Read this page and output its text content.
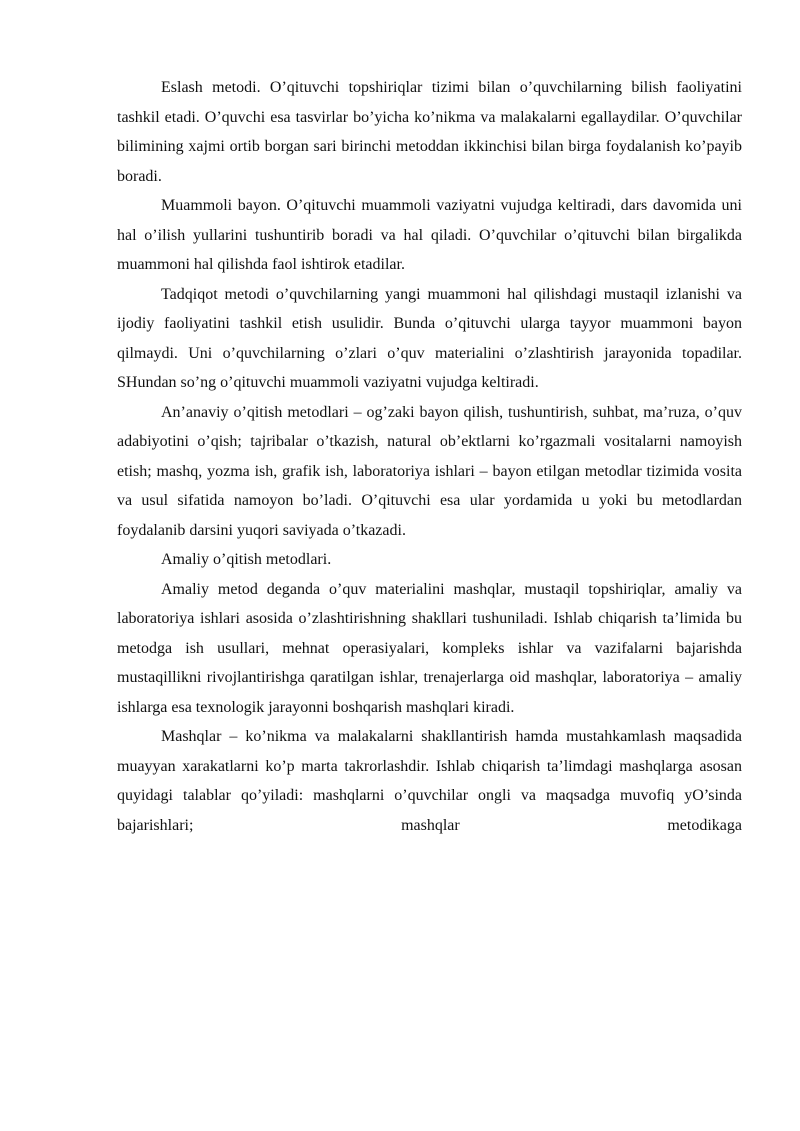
Eslash metodi. O’qituvchi topshiriqlar tizimi bilan o’quvchilarning bilish faoliyatini tashkil etadi. O’quvchi esa tasvirlar bo’yicha ko’nikma va malakalarni egallaydilar. O’quvchilar bilimining xajmi ortib borgan sari birinchi metoddan ikkinchisi bilan birga foydalanish ko’payib boradi.

Muammoli bayon. O’qituvchi muammoli vaziyatni vujudga keltiradi, dars davomida uni hal o’ilish yullarini tushuntirib boradi va hal qiladi. O’quvchilar o’qituvchi bilan birgalikda muammoni hal qilishda faol ishtirok etadilar.

Tadqiqot metodi o’quvchilarning yangi muammoni hal qilishdagi mustaqil izlanishi va ijodiy faoliyatini tashkil etish usulidir. Bunda o’qituvchi ularga tayyor muammoni bayon qilmaydi. Uni o’quvchilarning o’zlari o’quv materialini o’zlashtirish jarayonida topadilar. SHundan so’ng o’qituvchi muammoli vaziyatni vujudga keltiradi.

An’anaviy o’qitish metodlari – og’zaki bayon qilish, tushuntirish, suhbat, ma’ruza, o’quv adabiyotini o’qish; tajribalar o’tkazish, natural ob’ektlarni ko’rgazmali vositalarni namoyish etish; mashq, yozma ish, grafik ish, laboratoriya ishlari – bayon etilgan metodlar tizimida vosita va usul sifatida namoyon bo’ladi. O’qituvchi esa ular yordamida u yoki bu metodlardan foydalanib darsini yuqori saviyada o’tkazadi.

Amaliy o’qitish metodlari.

Amaliy metod deganda o’quv materialini mashqlar, mustaqil topshiriqlar, amaliy va laboratoriya ishlari asosida o’zlashtirishning shakllari tushuniladi. Ishlab chiqarish ta’limida bu metodga ish usullari, mehnat operasiyalari, kompleks ishlar va vazifalarni bajarishda mustaqillikni rivojlantirishga qaratilgan ishlar, trenajerlarga oid mashqlar, laboratoriya – amaliy ishlarga esa texnologik jarayonni boshqarish mashqlari kiradi.

Mashqlar – ko’nikma va malakalarni shakllantirish hamda mustahkamlash maqsadida muayyan xarakatlarni ko’p marta takrorlashdir. Ishlab chiqarish ta’limdagi mashqlarga asosan quyidagi talablar qo’yiladi: mashqlarni o’quvchilar ongli va maqsadga muvofiq yO’sinda bajarishlari; mashqlar metodikaga
